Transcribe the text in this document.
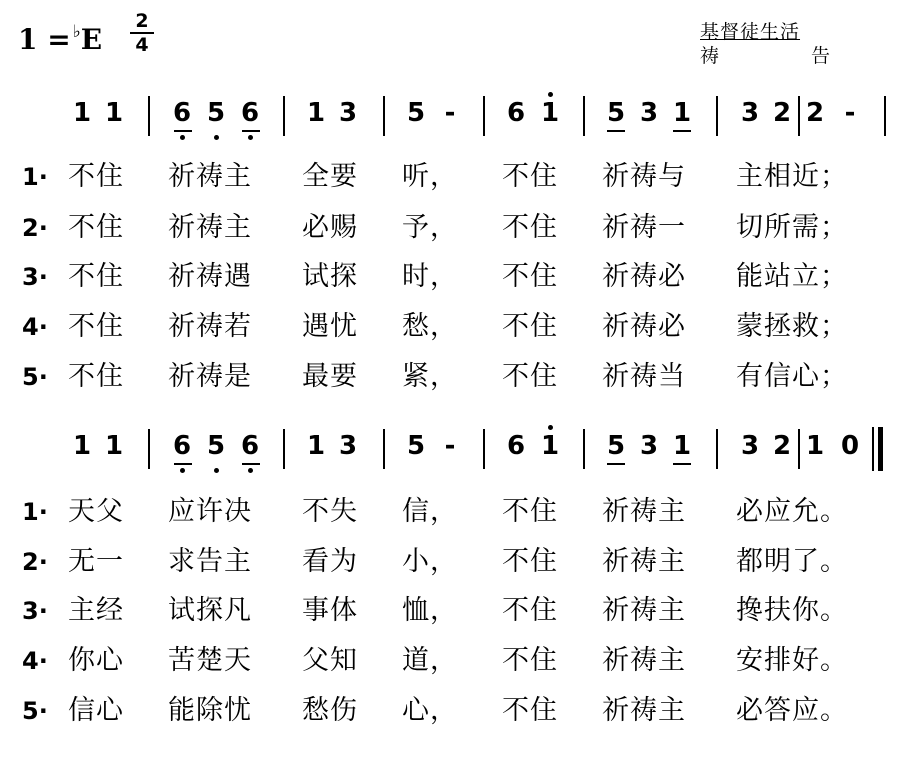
$1 = ^♭E \frac{2}{4}$	基督徒生活
祷告
1 1 6 5 6 1 3 5 - 6 1 5 3 1 3 2 2 -
1· 不住 祈祷主 全要 听， 不住 祈祷与 主相近；
2· 不住 祈祷主 必赐 予， 不住 祈祷一 切所需；
3· 不住 祈祷遇 试探 时， 不住 祈祷必 能站立；
4· 不住 祈祷若 遇忧 愁， 不住 祈祷必 蒙拯救；
5· 不住 祈祷是 最要 紧， 不住 祈祷当 有信心；
1 1 6 5 6 1 3 5 - 6 1 5 3 1 3 2 1 0
1· 天父 应许决 不失 信， 不住 祈祷主 必应允。
2· 无一 求告主 看为 小， 不住 祈祷主 都明了。
3· 主经 试探凡 事体 恤， 不住 祈祷主 搀扶你。
4· 你心 苦楚天 父知 道， 不住 祈祷主 安排好。
5· 信心 能除忧 愁伤 心， 不住 祈祷主 必答应。
